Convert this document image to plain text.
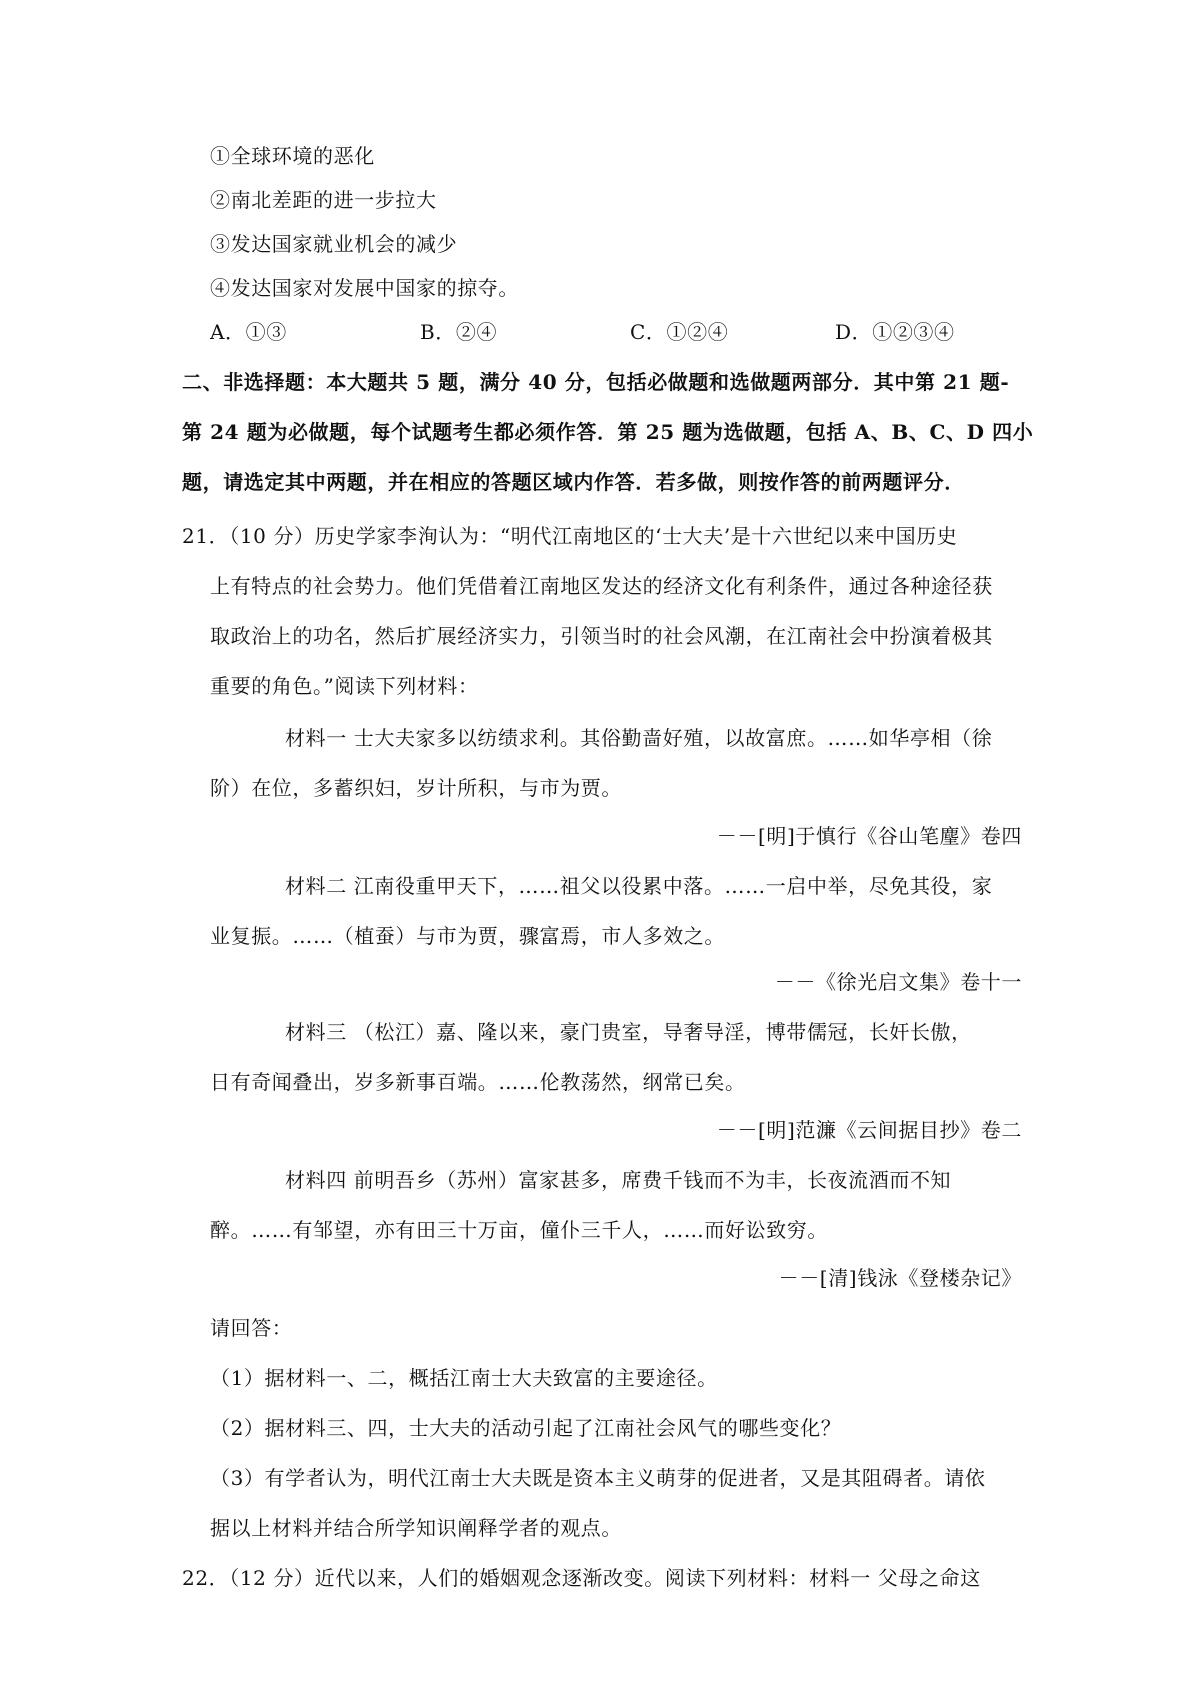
①全球环境的恶化
②南北差距的进一步拉大
③发达国家就业机会的减少
④发达国家对发展中国家的掠夺。
A．①③	B．②④	C．①②④	D．①②③④
二、非选择题：本大题共 5 题，满分 40 分，包括必做题和选做题两部分．其中第 21 题-
第 24 题为必做题，每个试题考生都必须作答．第 25 题为选做题，包括 A、B、C、D 四小
题，请选定其中两题，并在相应的答题区域内作答．若多做，则按作答的前两题评分．
21．（10 分）历史学家李洵认为：“明代江南地区的‘士大夫’是十六世纪以来中国历史
上有特点的社会势力。他们凭借着江南地区发达的经济文化有利条件，通过各种途径获
取政治上的功名，然后扩展经济实力，引领当时的社会风潮，在江南社会中扮演着极其
重要的角色。”阅读下列材料：
材料一 士大夫家多以纺绩求利。其俗勤啬好殖，以故富庶。……如华亭相（徐
阶）在位，多蓄织妇，岁计所积，与市为贾。
－－[明]于慎行《谷山笔麈》卷四
材料二 江南役重甲天下，……祖父以役累中落。……一启中举，尽免其役，家
业复振。……（植蚕）与市为贾，骤富焉，市人多效之。
－－《徐光启文集》卷十一
材料三 （松江）嘉、隆以来，豪门贵室，导奢导淫，博带儒冠，长奸长傲，
日有奇闻叠出，岁多新事百端。……伦教荡然，纲常已矣。
－－[明]范濂《云间据目抄》卷二
材料四 前明吾乡（苏州）富家甚多，席费千钱而不为丰，长夜流酒而不知
醉。……有邹望，亦有田三十万亩，僮仆三千人，……而好讼致穷。
－－[清]钱泳《登楼杂记》
请回答：
（1）据材料一、二，概括江南士大夫致富的主要途径。
（2）据材料三、四，士大夫的活动引起了江南社会风气的哪些变化？
（3）有学者认为，明代江南士大夫既是资本主义萌芽的促进者，又是其阻碍者。请依
据以上材料并结合所学知识阐释学者的观点。
22．（12 分）近代以来，人们的婚姻观念逐渐改变。阅读下列材料：材料一 父母之命这
